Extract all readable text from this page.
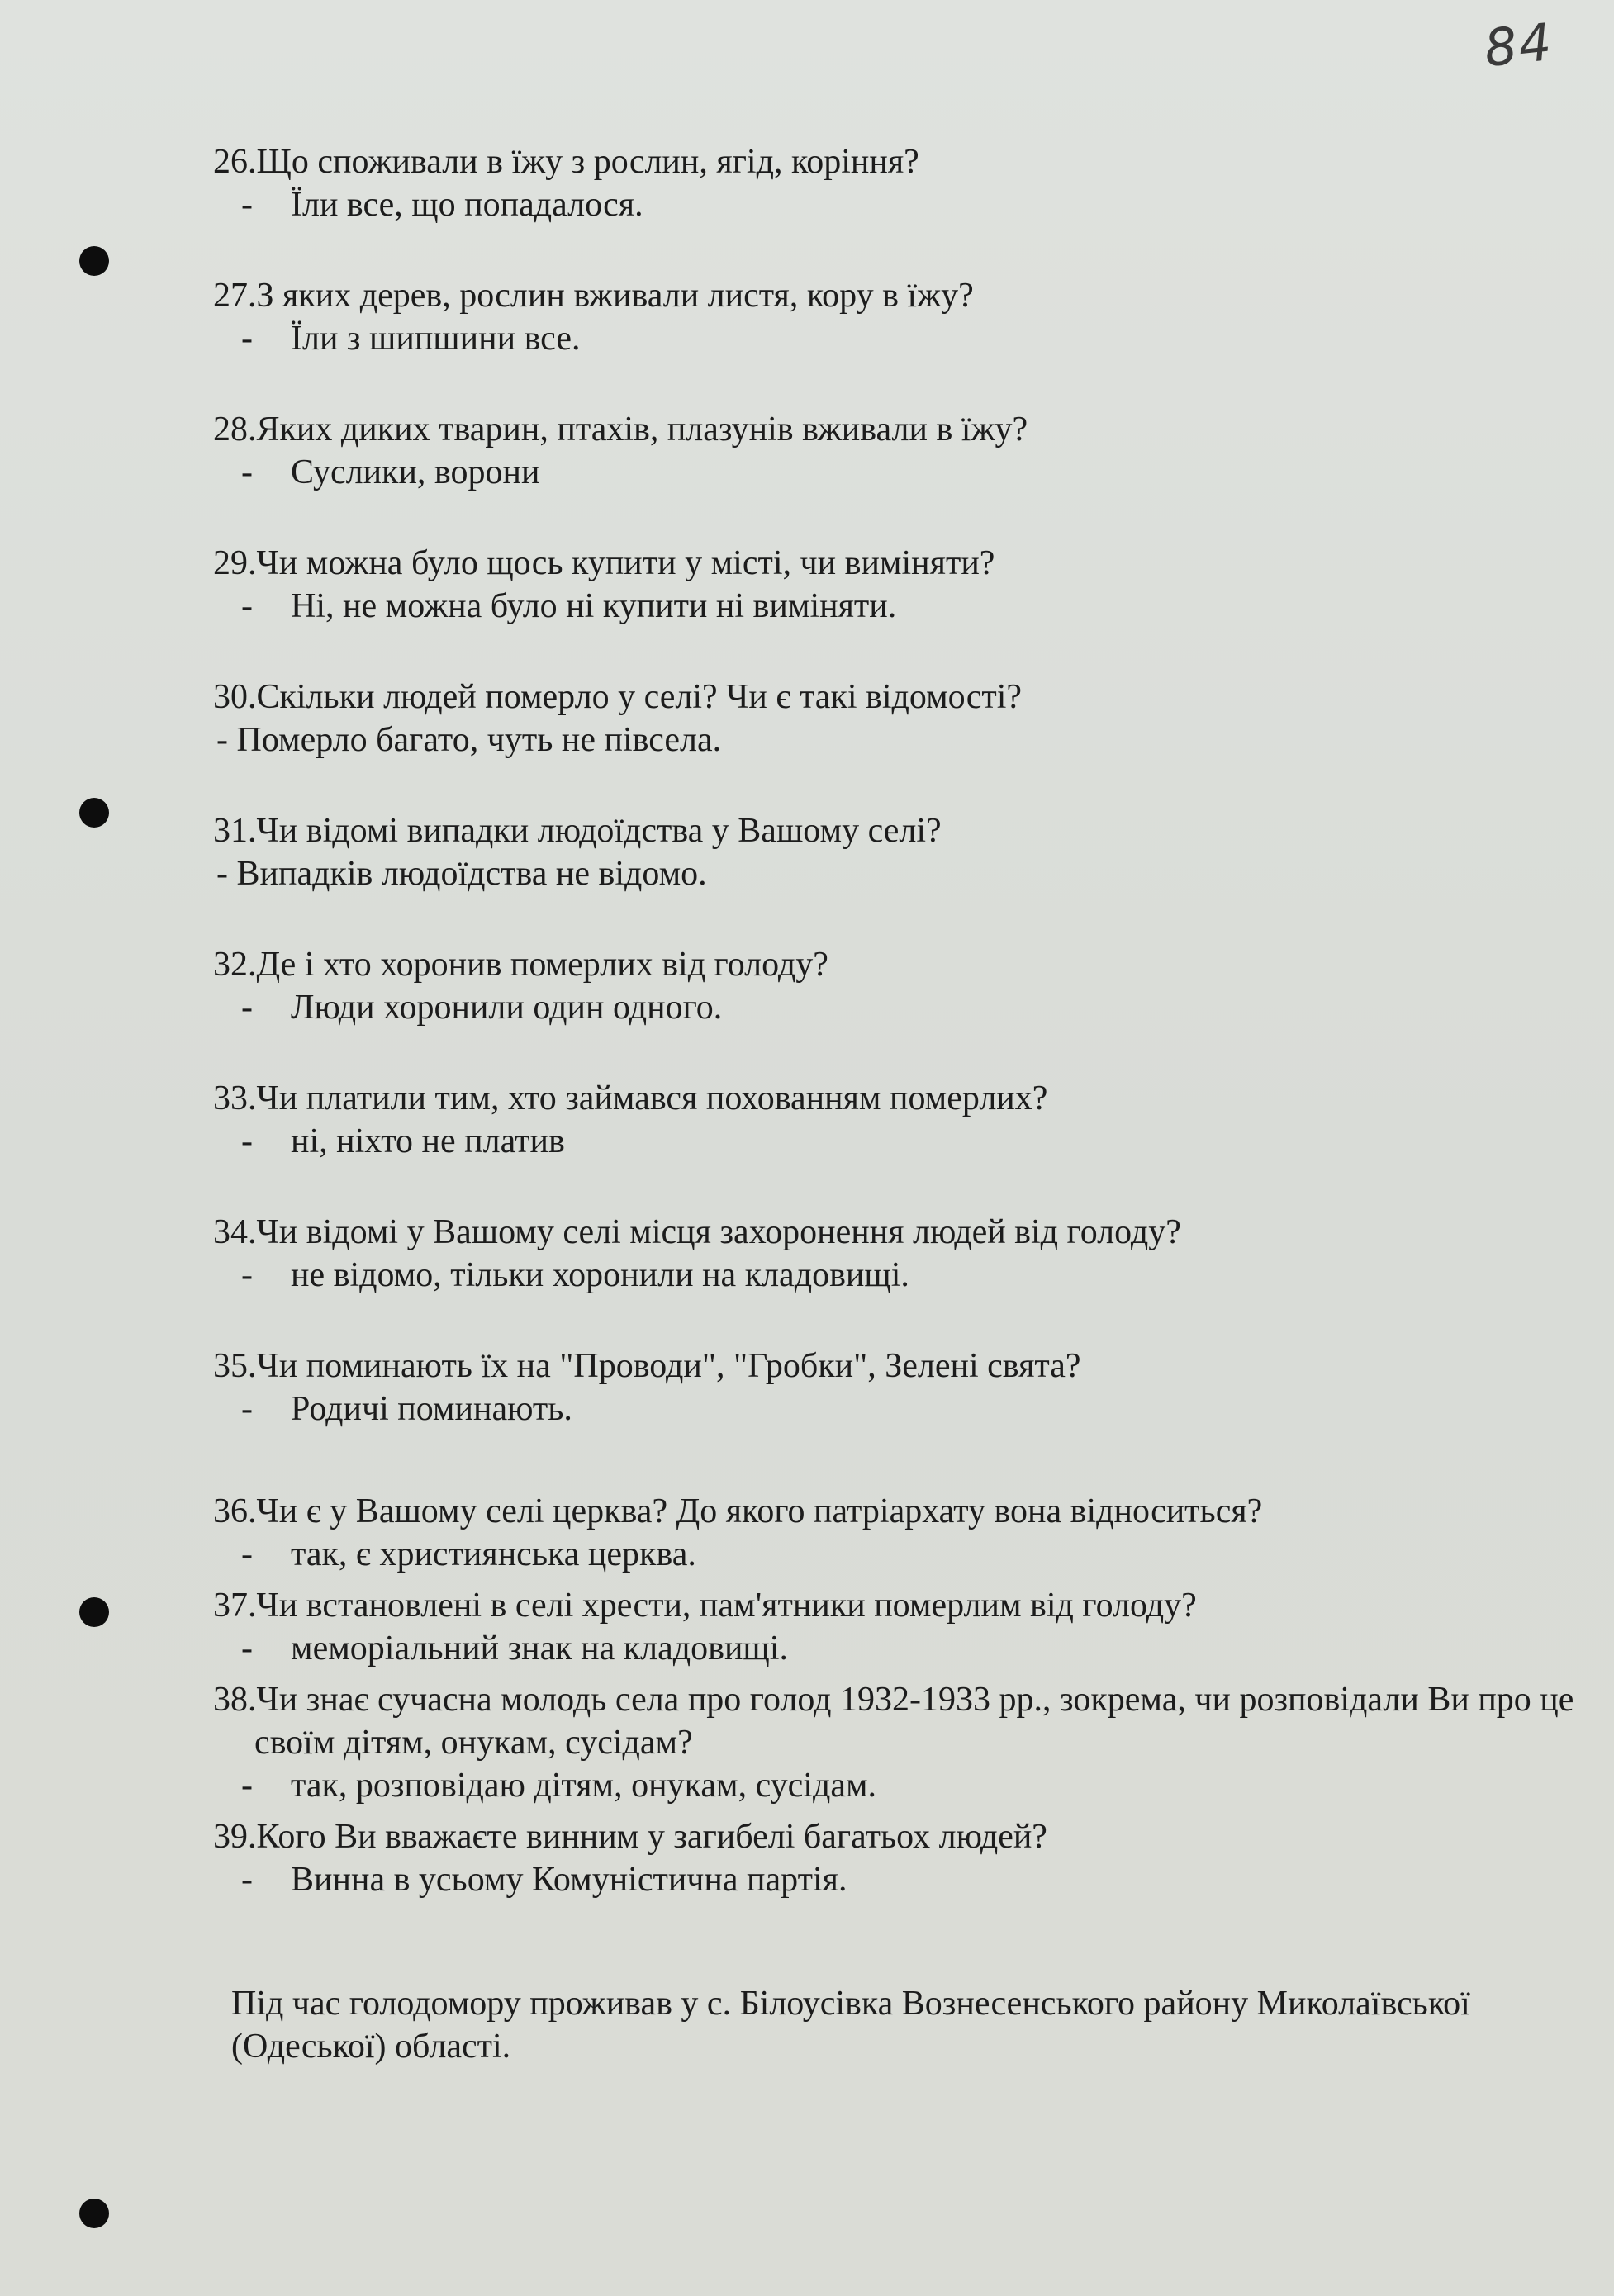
84
26.Що споживали в їжу з рослин, ягід, коріння?
- Їли все, що попадалося.
27.З яких дерев, рослин вживали листя, кору в їжу?
- Їли з шипшини все.
28.Яких диких тварин, птахів, плазунів вживали в їжу?
- Суслики, ворони
29.Чи можна було щось купити у місті, чи виміняти?
- Ні, не можна було ні купити ні виміняти.
30.Скільки людей померло у селі? Чи є такі відомості?
- Померло багато, чуть не півсела.
31.Чи відомі випадки людоїдства у Вашому селі?
- Випадків людоїдства не відомо.
32.Де і хто хоронив померлих від голоду?
- Люди хоронили один одного.
33.Чи платили тим, хто займався похованням померлих?
- ні, ніхто не платив
34.Чи відомі у Вашому селі місця захоронення людей від голоду?
- не відомо, тільки хоронили на кладовищі.
35.Чи поминають їх на "Проводи", "Гробки", Зелені свята?
- Родичі поминають.
36.Чи є у Вашому селі церква? До якого патріархату вона відноситься?
- так, є християнська церква.
37.Чи встановлені в селі хрести, пам'ятники померлим від голоду?
- меморіальний знак на кладовищі.
38.Чи знає сучасна молодь села про голод 1932-1933 рр., зокрема, чи розповідали Ви про це своїм дітям, онукам, сусідам?
- так, розповідаю дітям, онукам, сусідам.
39.Кого Ви вважаєте винним у загибелі багатьох людей?
- Винна в усьому Комуністична партія.
Під час голодомору проживав у с. Білоусівка Вознесенського району Миколаївської (Одеської) області.
